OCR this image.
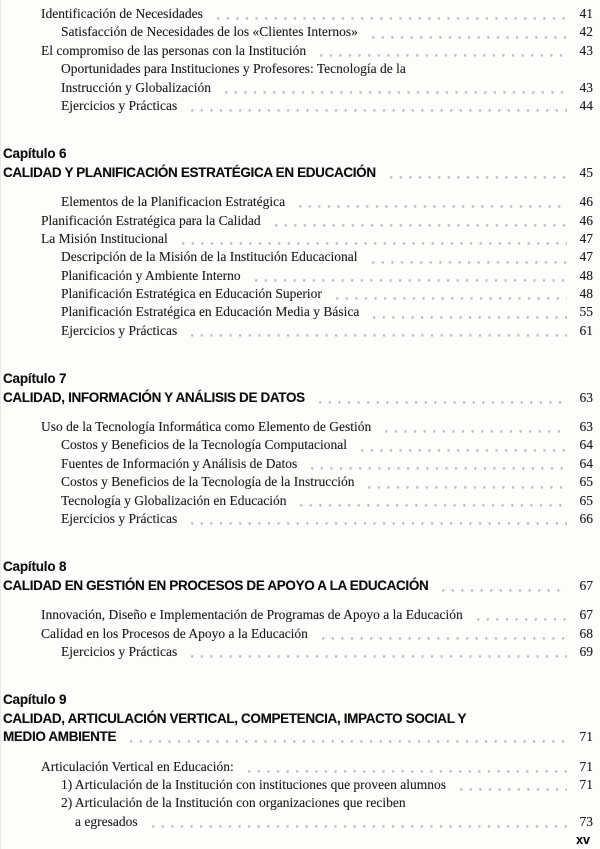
Identificación de Necesidades	41
Satisfacción de Necesidades de los «Clientes Internos»	42
El compromiso de las personas con la Institución	43
Oportunidades para Instituciones y Profesores: Tecnología de la
Instrucción y Globalización	43
Ejercicios y Prácticas	44
Capítulo 6
CALIDAD Y PLANIFICACIÓN ESTRATÉGICA EN EDUCACIÓN	45
Elementos de la Planificacion Estratégica	46
Planificación Estratégica para la Calidad	46
La Misión Institucional	47
Descripción de la Misión de la Institución Educacional	47
Planificación y Ambiente Interno	48
Planificación Estratégica en Educación Superior	48
Planificación Estratégica en Educación Media y Básica	55
Ejercicios y Prácticas	61
Capítulo 7
CALIDAD, INFORMACIÓN Y ANÁLISIS DE DATOS	63
Uso de la Tecnología Informática como Elemento de Gestión	63
Costos y Beneficios de la Tecnología Computacional	64
Fuentes de Información y Análisis de Datos	64
Costos y Beneficios de la Tecnología de la Instrucción	65
Tecnología y Globalización en Educación	65
Ejercicios y Prácticas	66
Capítulo 8
CALIDAD EN GESTIÓN EN PROCESOS DE APOYO A LA EDUCACIÓN	67
Innovación, Diseño e Implementación de Programas de Apoyo a la Educación	67
Calidad en los Procesos de Apoyo a la Educación	68
Ejercicios y Prácticas	69
Capítulo 9
CALIDAD, ARTICULACIÓN VERTICAL, COMPETENCIA, IMPACTO SOCIAL Y
MEDIO AMBIENTE	71
Articulación Vertical en Educación:	71
1) Articulación de la Institución con instituciones que proveen alumnos	71
2) Articulación de la Institución con organizaciones que reciben
a egresados	73
xv
